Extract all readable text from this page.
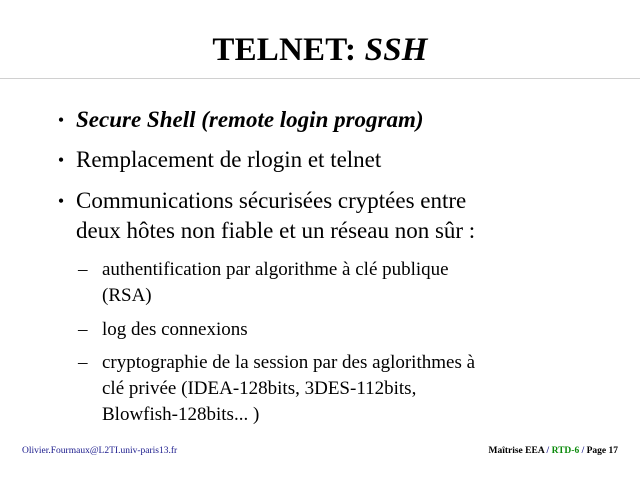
TELNET: SSH
• Secure Shell (remote login program)
• Remplacement de rlogin et telnet
• Communications sécurisées cryptées entre
deux hôtes non fiable et un réseau non sûr :
– authentification par algorithme à clé publique
(RSA)
– log des connexions
– cryptographie de la session par des aglorithmes à
clé privée (IDEA-128bits, 3DES-112bits,
Blowfish-128bits... )
Olivier.Fourmaux@L2TI.univ-paris13.fr	Maîtrise EEA / RTD-6 / Page 17
